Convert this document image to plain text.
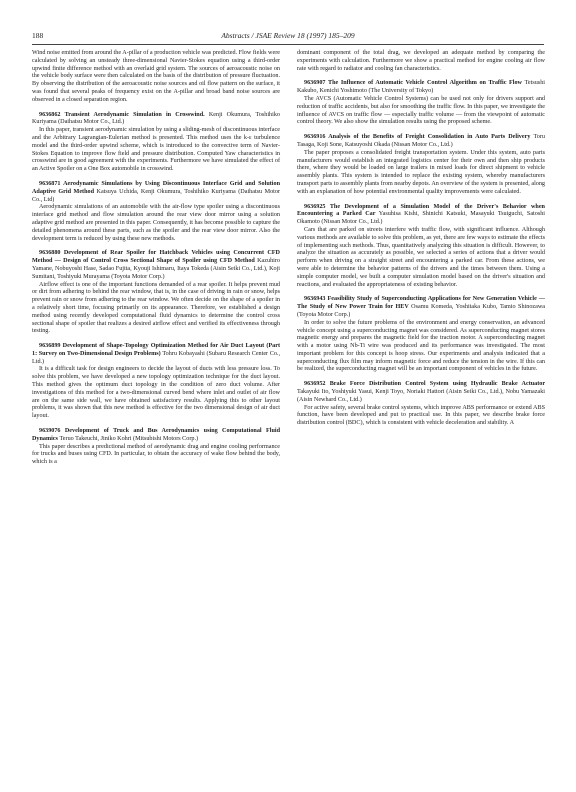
188	Abstracts / JSAE Review 18 (1997) 185–209

Wind noise emitted from around the A-pillar of a production vehicle was predicted. Flow fields were calculated by solving an unsteady three-dimensional Navier-Stokes equation using a third-order upwind finite difference method with an overlaid grid system. The sources of aeroacoustic noise on the vehicle body surface were then calculated on the basis of the distribution of pressure fluctuation. By observing the distribution of the aeroacoustic noise sources and oil flow pattern on the surface, it was found that several peaks of frequency exist on the A-pillar and broad band noise sources are observed in a closed separation region.

9636862 Transient Aerodynamic Simulation in Crosswind. Kenji Okumura, Toshihiko Kuriyama (Daihatsu Motor Co., Ltd.)

In this paper, transient aerodynamic simulation by using a sliding-mesh of discontinuous interface and the Arbitrary Lagrangian-Eulerian method is presented. This method uses the k-ε turbulence model and the third-order upwind scheme, which is introduced to the convective term of Navier-Stokes Equation to improve flow field and pressure distribution. Computed Yaw characteristics in crosswind are in good agreement with the experiments. Furthermore we have simulated the effect of an Active Spoiler on a One Box automobile in crosswind.

9636871 Aerodynamic Simulations by Using Discontinuous Interface Grid and Solution Adaptive Grid Method Katsuya Uchida, Kenji Okumura, Toshihiko Kuriyama (Daihatsu Motor Co., Ltd)

Aerodynamic simulations of an automobile with the air-flow type spoiler using a discontinuous interface grid method and flow simulation around the rear view door mirror using a solution adaptive grid method are presented in this paper. Consequently, it has become possible to capture the detailed phenomena around these parts, such as the spoiler and the rear view door mirror. Also the development term is reduced by using these new methods.

9636880 Development of Rear Spoiler for Hatchback Vehicles using Concurrent CFD Method — Design of Control Cross Sectional Shape of Spoiler using CFD Method Kazuhiro Yamane, Nobuyoshi Hase, Sadao Fujita, Kyouji Ishimaru, Itaya Tokeda (Aisin Seiki Co., Ltd.), Koji Sumitani, Toshiyuki Murayama (Toyota Motor Corp.)

Airflow effect is one of the important functions demanded of a rear spoiler. It helps prevent mud or dirt from adhering to behind the rear window, that is, in the case of driving in rain or snow, helps prevent rain or snow from adhering to the rear window. We often decide on the shape of a spoiler in a relatively short time, focusing primarily on its appearance. Therefore, we established a design method using recently developed computational fluid dynamics to determine the control cross sectional shape of spoiler that realizes a desired airflow effect and verified its effectiveness through testing.

9636899 Development of Shape-Topology Optimization Method for Air Duct Layout (Part 1: Survey on Two-Dimensional Design Problems) Tohru Kobayashi (Subaru Research Center Co., Ltd.)

It is a difficult task for design engineers to decide the layout of ducts with less pressure loss. To solve this problem, we have developed a new topology optimization technique for the duct layout. This method gives the optimum duct topology in the condition of zero duct volume. After investigations of this method for a two-dimensional curved bend where inlet and outlet of air flow are on the same side wall, we have obtained satisfactory results. Applying this to other layout problems, it was shown that this new method is effective for the two dimensional design of air duct layout.

9639076 Development of Truck and Bus Aerodynamics using Computational Fluid Dynamics Teruo Takeuchi, Jiniko Kohri (Mitsubishi Motors Corp.)

This paper describes a predictional method of aerodynamic drag and engine cooling performance for trucks and buses using CFD. In particular, to obtain the accuracy of wake flow behind the body, which is a

dominant component of the total drag, we developed an adequate method by comparing the experiments with calculation. Furthermore we show a practical method for engine cooling air flow rate with regard to radiator and cooling fan characteristics.

9636907 The Influence of Automatic Vehicle Control Algorithm on Traffic Flow Tetsushi Kakubo, Kenichi Yoshimoto (The University of Tokyo)

The AVCS (Automatic Vehicle Control Systems) can be used not only for drivers support and reduction of traffic accidents, but also for smoothing the traffic flow. In this paper, we investigate the influence of AVCS on traffic flow — especially traffic volume — from the viewpoint of automatic control theory. We also show the simulation results using the proposed scheme.

9636916 Analysis of the Benefits of Freight Consolidation in Auto Parts Delivery Toru Tasaga, Koji Sone, Katsuyoshi Okada (Nissan Motor Co., Ltd.)

The paper proposes a consolidated freight transportation system. Under this system, auto parts manufacturers would establish an integrated logistics center for their own and then ship products there, where they would be loaded on large trailers in mixed loads for direct shipment to vehicle assembly plants. This system is intended to replace the existing system, whereby manufacturers transport parts to assembly plants from nearby depots. An overview of the system is presented, along with an explanation of how potential environmental quality improvements were calculated.

9636925 The Development of a Simulation Model of the Driver's Behavior when Encountering a Parked Car Yasuhisa Kishi, Shinichi Katsuki, Masayuki Tsuiguchi, Satoshi Okamoto (Nissan Motor Co., Ltd.)

Cars that are parked on streets interfere with traffic flow, with significant influence. Although various methods are available to solve this problem, as yet, there are few ways to estimate the effects of implementing such methods. Thus, quantitatively analyzing this situation is difficult. However, to analyze the situation as accurately as possible, we selected a series of actions that a driver would perform when driving on a straight street and encountering a parked car. From these actions, we were able to determine the behavior patterns of the drivers and the times between them. Using a simple computer model, we built a computer simulation model based on the driver's situation and reactions, and evaluated the appropriateness of existing behavior.

9636943 Feasibility Study of Superconducting Applications for New Generation Vehicle — The Study of New Power Train for HEV Osamu Komeda, Yoshitaka Kubo, Tamio Shinozawa (Toyota Motor Corp.)

In order to solve the future problems of the environment and energy conservation, an advanced vehicle concept using a superconducting magnet was considered. As superconducting magnet stores magnetic energy and prepares the magnetic field for the traction motor. A superconducting magnet with a motor using Nb-Ti wire was produced and its performance was investigated. The most important problem for this concept is hoop stress. Our experiments and analysis indicated that a superconducting flux film may inform magnetic force and reduce the tension in the wire. If this can be realized, the superconducting magnet will be an important component of vehicles in the future.

9636952 Brake Force Distribution Control System using Hydraulic Brake Actuator Takayuki Ito, Yoshiyuki Yasui, Kenji Toyo, Noriaki Hattori (Aisin Seiki Co., Ltd.), Nobu Yamazaki (Aisin Newhard Co., Ltd.)

For active safety, several brake control systems, which improve ABS performance or extend ABS function, have been developed and put to practical use. In this paper, we describe brake force distribution control (BDC), which is consistent with vehicle deceleration and stability. A
